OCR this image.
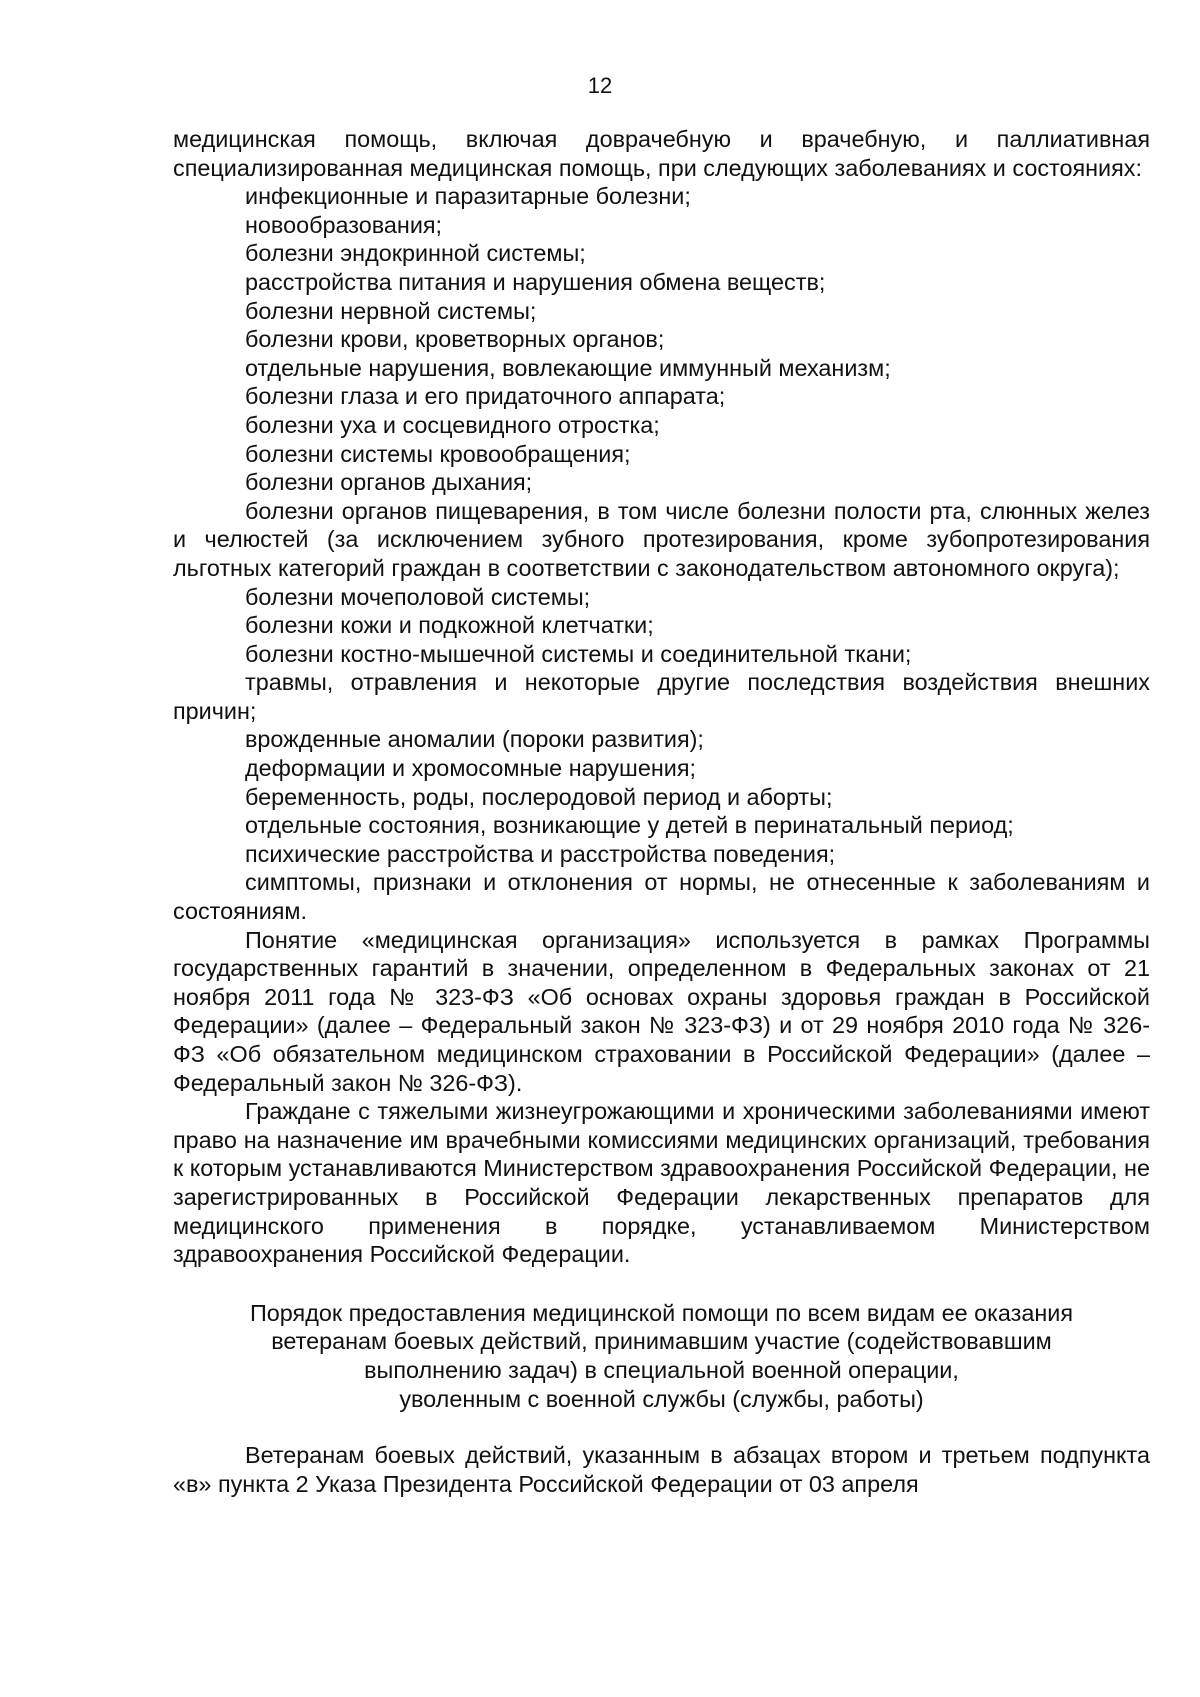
12

медицинская помощь, включая доврачебную и врачебную, и паллиативная специализированная медицинская помощь, при следующих заболеваниях и состояниях:

инфекционные и паразитарные болезни;

новообразования;

болезни эндокринной системы;

расстройства питания и нарушения обмена веществ;

болезни нервной системы;

болезни крови, кроветворных органов;

отдельные нарушения, вовлекающие иммунный механизм;

болезни глаза и его придаточного аппарата;

болезни уха и сосцевидного отростка;

болезни системы кровообращения;

болезни органов дыхания;

болезни органов пищеварения, в том числе болезни полости рта, слюнных желез и челюстей (за исключением зубного протезирования, кроме зубопротезирования льготных категорий граждан в соответствии с законодательством автономного округа);

болезни мочеполовой системы;

болезни кожи и подкожной клетчатки;

болезни костно-мышечной системы и соединительной ткани;

травмы, отравления и некоторые другие последствия воздействия внешних причин;

врожденные аномалии (пороки развития);

деформации и хромосомные нарушения;

беременность, роды, послеродовой период и аборты;

отдельные состояния, возникающие у детей в перинатальный период;

психические расстройства и расстройства поведения;

симптомы, признаки и отклонения от нормы, не отнесенные к заболеваниям и состояниям.

Понятие «медицинская организация» используется в рамках Программы государственных гарантий в значении, определенном в Федеральных законах от 21 ноября 2011 года № 323-ФЗ «Об основах охраны здоровья граждан в Российской Федерации» (далее – Федеральный закон № 323-ФЗ) и от 29 ноября 2010 года № 326-ФЗ «Об обязательном медицинском страховании в Российской Федерации» (далее – Федеральный закон № 326-ФЗ).

Граждане с тяжелыми жизнеугрожающими и хроническими заболеваниями имеют право на назначение им врачебными комиссиями медицинских организаций, требования к которым устанавливаются Министерством здравоохранения Российской Федерации, не зарегистрированных в Российской Федерации лекарственных препаратов для медицинского применения в порядке, устанавливаемом Министерством здравоохранения Российской Федерации.

Порядок предоставления медицинской помощи по всем видам ее оказания
ветеранам боевых действий, принимавшим участие (содействовавшим
выполнению задач) в специальной военной операции,
уволенным с военной службы (службы, работы)

Ветеранам боевых действий, указанным в абзацах втором и третьем подпункта «в» пункта 2 Указа Президента Российской Федерации от 03 апреля
